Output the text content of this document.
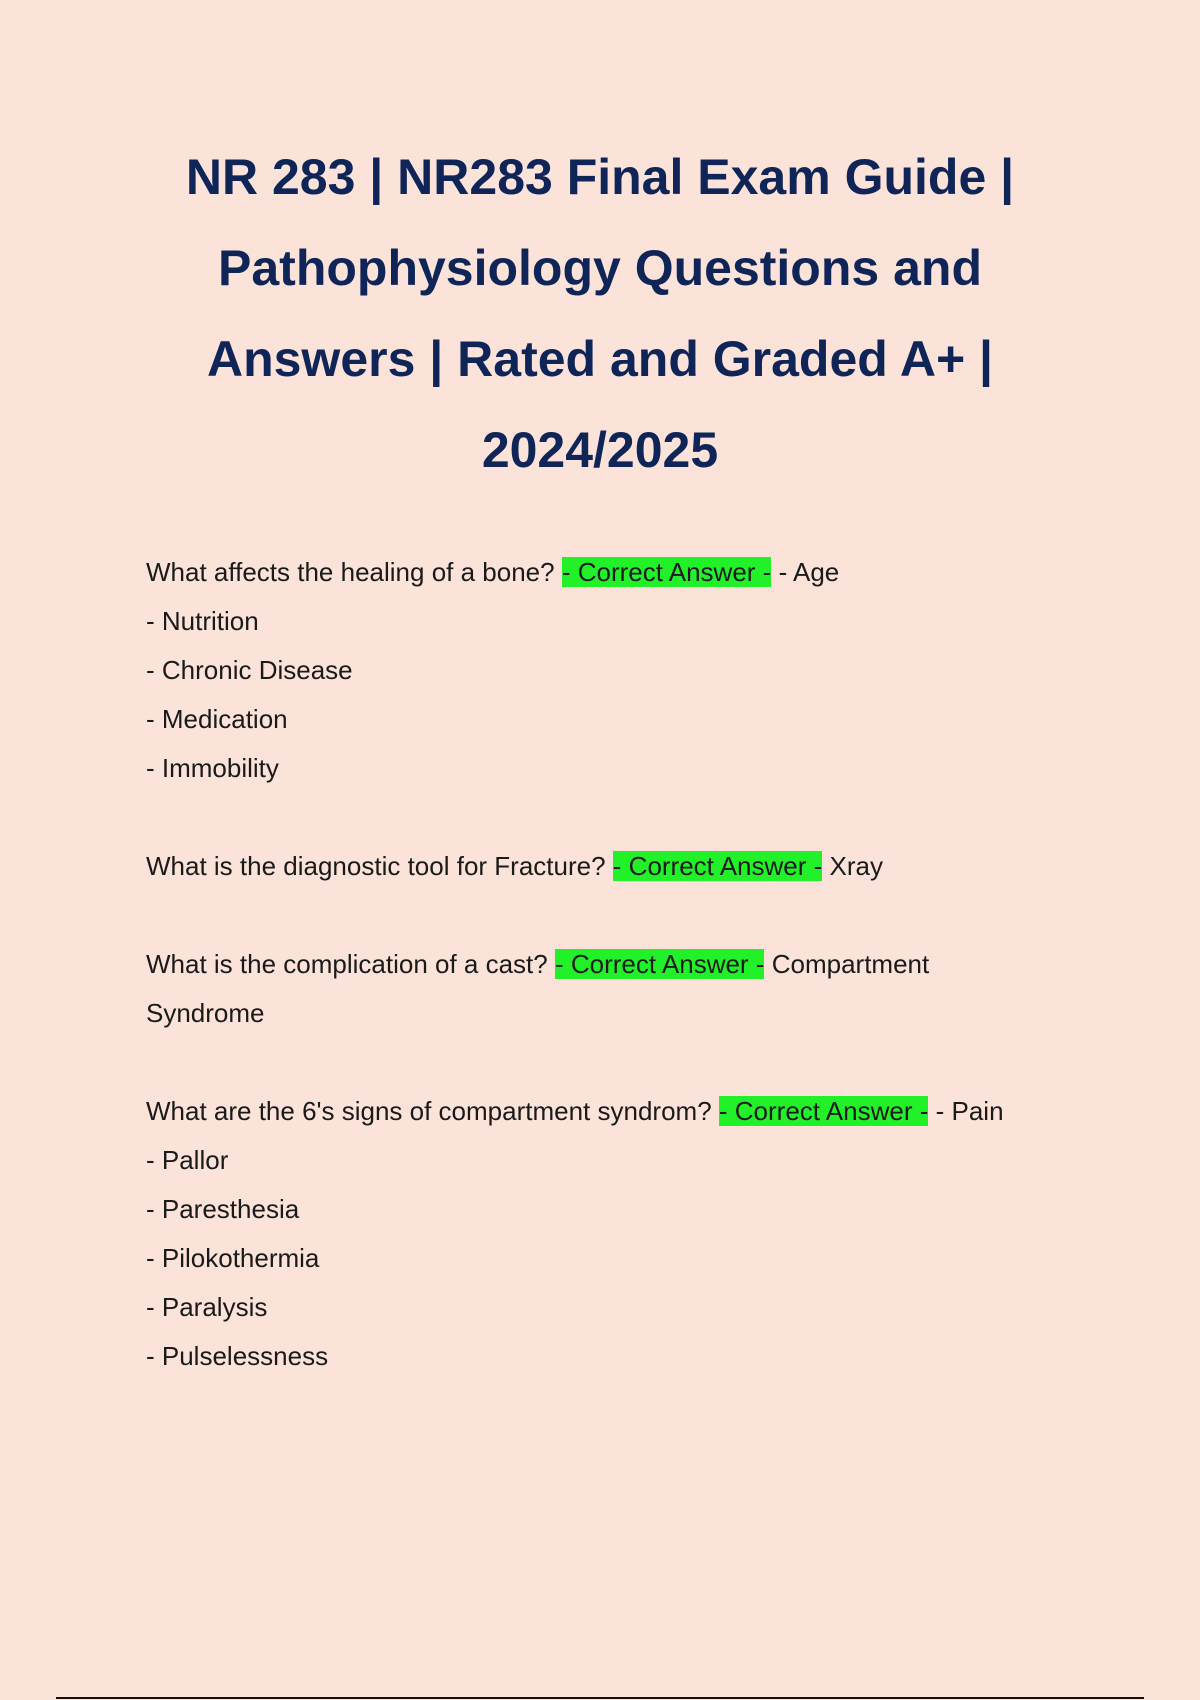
NR 283 | NR283 Final Exam Guide | Pathophysiology Questions and Answers | Rated and Graded A+ | 2024/2025

What affects the healing of a bone? - Correct Answer - - Age

- Nutrition

- Chronic Disease

- Medication

- Immobility

What is the diagnostic tool for Fracture? - Correct Answer - Xray

What is the complication of a cast? - Correct Answer - Compartment Syndrome

What are the 6's signs of compartment syndrom? - Correct Answer - - Pain

- Pallor

- Paresthesia

- Pilokothermia

- Paralysis

- Pulselessness
